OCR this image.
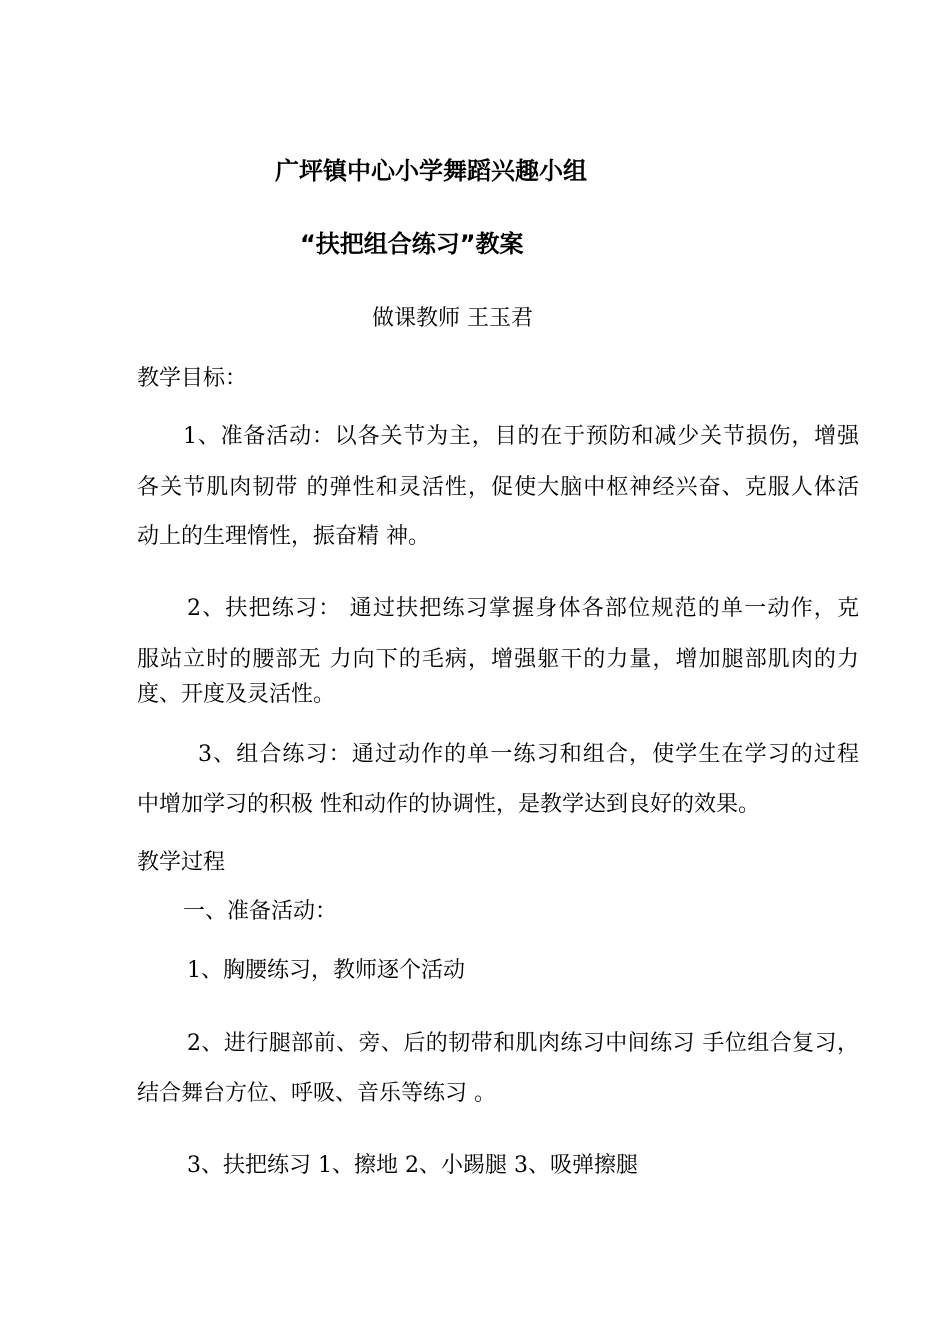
广坪镇中心小学舞蹈兴趣小组
“扶把组合练习”教案
做课教师 王玉君
教学目标：
1、准备活动：以各关节为主，目的在于预防和减少关节损伤，增强
各关节肌肉韧带 的弹性和灵活性，促使大脑中枢神经兴奋、克服人体活
动上的生理惰性，振奋精 神。
2、扶把练习： 通过扶把练习掌握身体各部位规范的单一动作，克
服站立时的腰部无 力向下的毛病，增强躯干的力量，增加腿部肌肉的力
度、开度及灵活性。
3、组合练习：通过动作的单一练习和组合，使学生在学习的过程
中增加学习的积极 性和动作的协调性，是教学达到良好的效果。
教学过程
一、准备活动：
1、胸腰练习，教师逐个活动
2、进行腿部前、旁、后的韧带和肌肉练习中间练习 手位组合复习，
结合舞台方位、呼吸、音乐等练习 。
3、扶把练习 1、擦地 2、小踢腿 3、吸弹擦腿
